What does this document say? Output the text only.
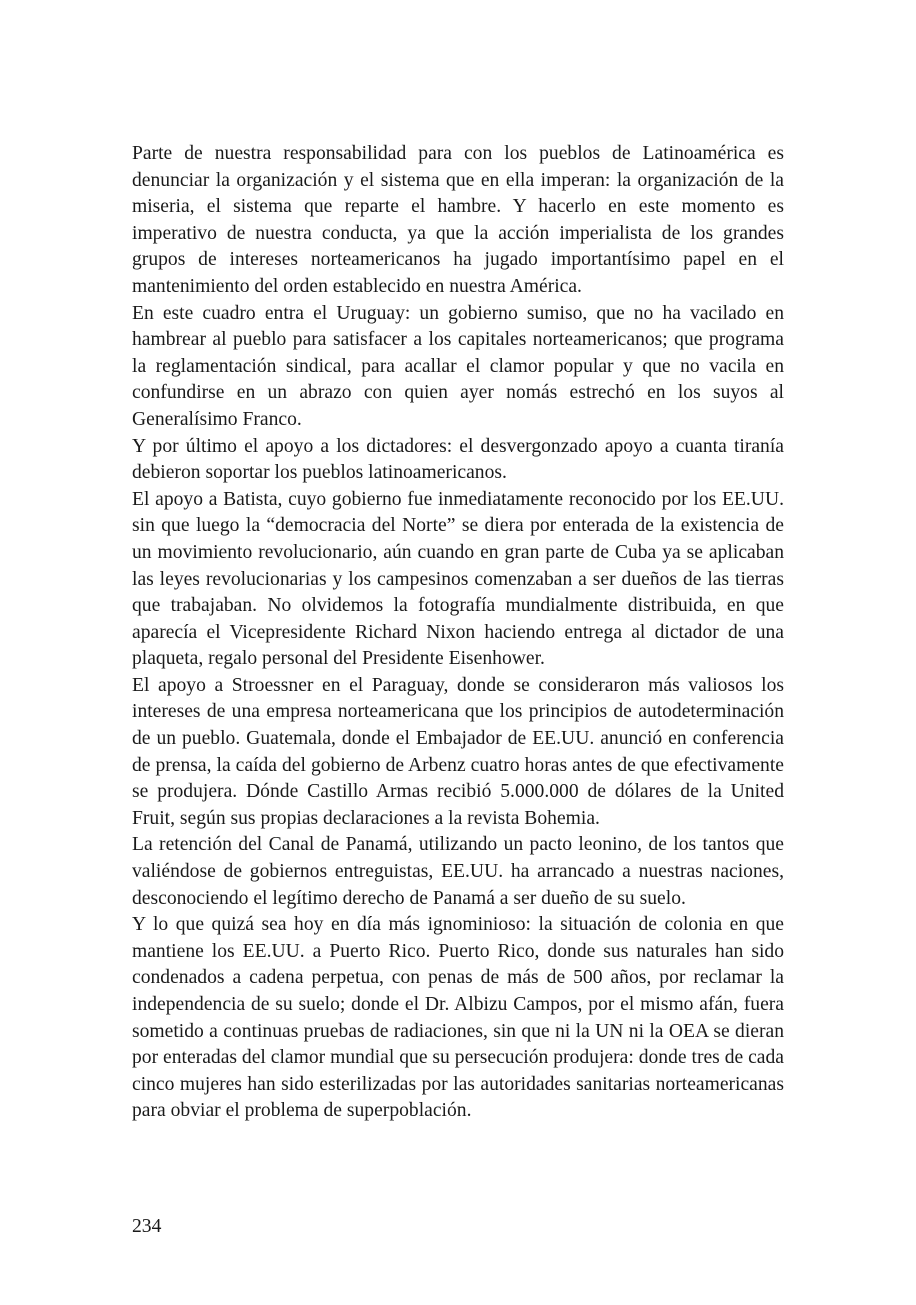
Parte de nuestra responsabilidad para con los pueblos de Latinoamérica es denunciar la organización y el sistema que en ella imperan: la organización de la miseria, el sistema que reparte el hambre. Y hacerlo en este momento es imperativo de nuestra conducta, ya que la acción imperialista de los grandes grupos de intereses norteamericanos ha jugado importantísimo papel en el mantenimiento del orden establecido en nuestra América.

En este cuadro entra el Uruguay: un gobierno sumiso, que no ha vacilado en hambrear al pueblo para satisfacer a los capitales norteamericanos; que programa la reglamentación sindical, para acallar el clamor popular y que no vacila en confundirse en un abrazo con quien ayer nomás estrechó en los suyos al Generalísimo Franco.

Y por último el apoyo a los dictadores: el desvergonzado apoyo a cuanta tiranía debieron soportar los pueblos latinoamericanos.

El apoyo a Batista, cuyo gobierno fue inmediatamente reconocido por los EE.UU. sin que luego la “democracia del Norte” se diera por enterada de la existencia de un movimiento revolucionario, aún cuando en gran parte de Cuba ya se aplicaban las leyes revolucionarias y los campesinos comenzaban a ser dueños de las tierras que trabajaban. No olvidemos la fotografía mundialmente distribuida, en que aparecía el Vicepresidente Richard Nixon haciendo entrega al dictador de una plaqueta, regalo personal del Presidente Eisenhower.

El apoyo a Stroessner en el Paraguay, donde se consideraron más valiosos los intereses de una empresa norteamericana que los principios de autodeterminación de un pueblo. Guatemala, donde el Embajador de EE.UU. anunció en conferencia de prensa, la caída del gobierno de Arbenz cuatro horas antes de que efectivamente se produjera. Dónde Castillo Armas recibió 5.000.000 de dólares de la United Fruit, según sus propias declaraciones a la revista Bohemia.

La retención del Canal de Panamá, utilizando un pacto leonino, de los tantos que valiéndose de gobiernos entreguistas, EE.UU. ha arrancado a nuestras naciones, desconociendo el legítimo derecho de Panamá a ser dueño de su suelo.

Y lo que quizá sea hoy en día más ignominioso: la situación de colonia en que mantiene los EE.UU. a Puerto Rico. Puerto Rico, donde sus naturales han sido condenados a cadena perpetua, con penas de más de 500 años, por reclamar la independencia de su suelo; donde el Dr. Albizu Campos, por el mismo afán, fuera sometido a continuas pruebas de radiaciones, sin que ni la UN ni la OEA se dieran por enteradas del clamor mundial que su persecución produjera: donde tres de cada cinco mujeres han sido esterilizadas por las autoridades sanitarias norteamericanas para obviar el problema de superpoblación.

234
